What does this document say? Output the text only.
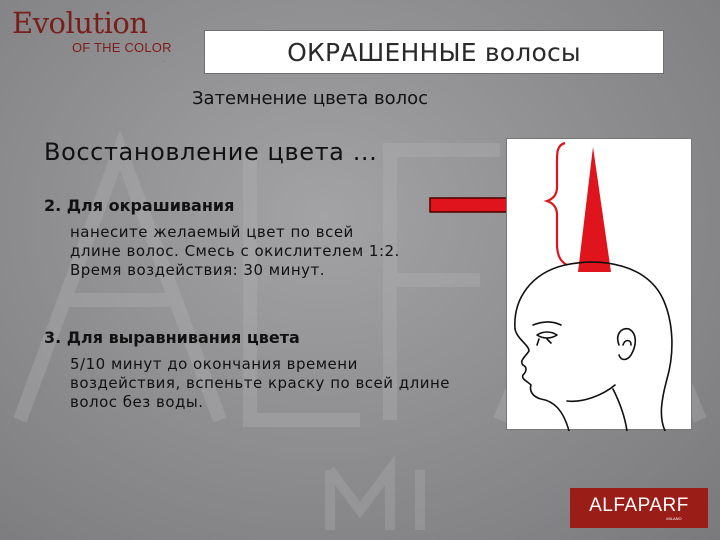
Evolution
OF THE COLOR
...	ОКРАШЕННЫЕ волосы
Затемнение цвета волос
Восстановление цвета ...
2. Для окрашивания
нанесите желаемый цвет по всей
длине волос. Смесь с окислителем 1:2.
Время воздействия: 30 минут.
3. Для выравнивания цвета
5/10 минут до окончания времени
воздействия, вспеньте краску по всей длине
волос без воды.
ALFAPARF
MILANO
